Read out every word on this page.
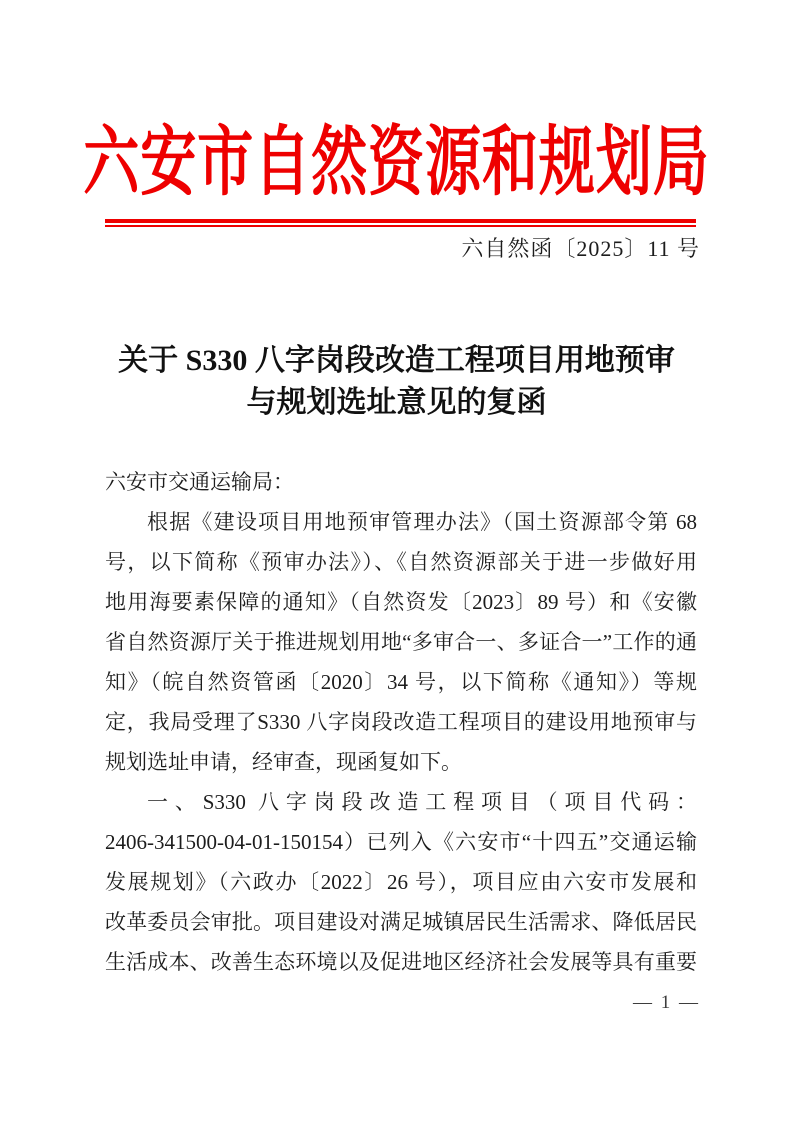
六安市自然资源和规划局
六自然函〔2025〕11 号
关于 S330 八字岗段改造工程项目用地预审
与规划选址意见的复函
六安市交通运输局：
根据《建设项目用地预审管理办法》（国土资源部令第 68
号，以下简称《预审办法》）、《自然资源部关于进一步做好用
地用海要素保障的通知》（自然资发〔2023〕89 号）和《安徽
省自然资源厅关于推进规划用地“多审合一、多证合一”工作的通
知》（皖自然资管函〔2020〕34 号，以下简称《通知》）等规
定，我局受理了S330 八字岗段改造工程项目的建设用地预审与
规划选址申请，经审查，现函复如下。
一、S330 八字岗段改造工程项目（项目代码：
2406-341500-04-01-150154）已列入《六安市“十四五”交通运输
发展规划》（六政办〔2022〕26 号），项目应由六安市发展和
改革委员会审批。项目建设对满足城镇居民生活需求、降低居民
生活成本、改善生态环境以及促进地区经济社会发展等具有重要
— 1 —
